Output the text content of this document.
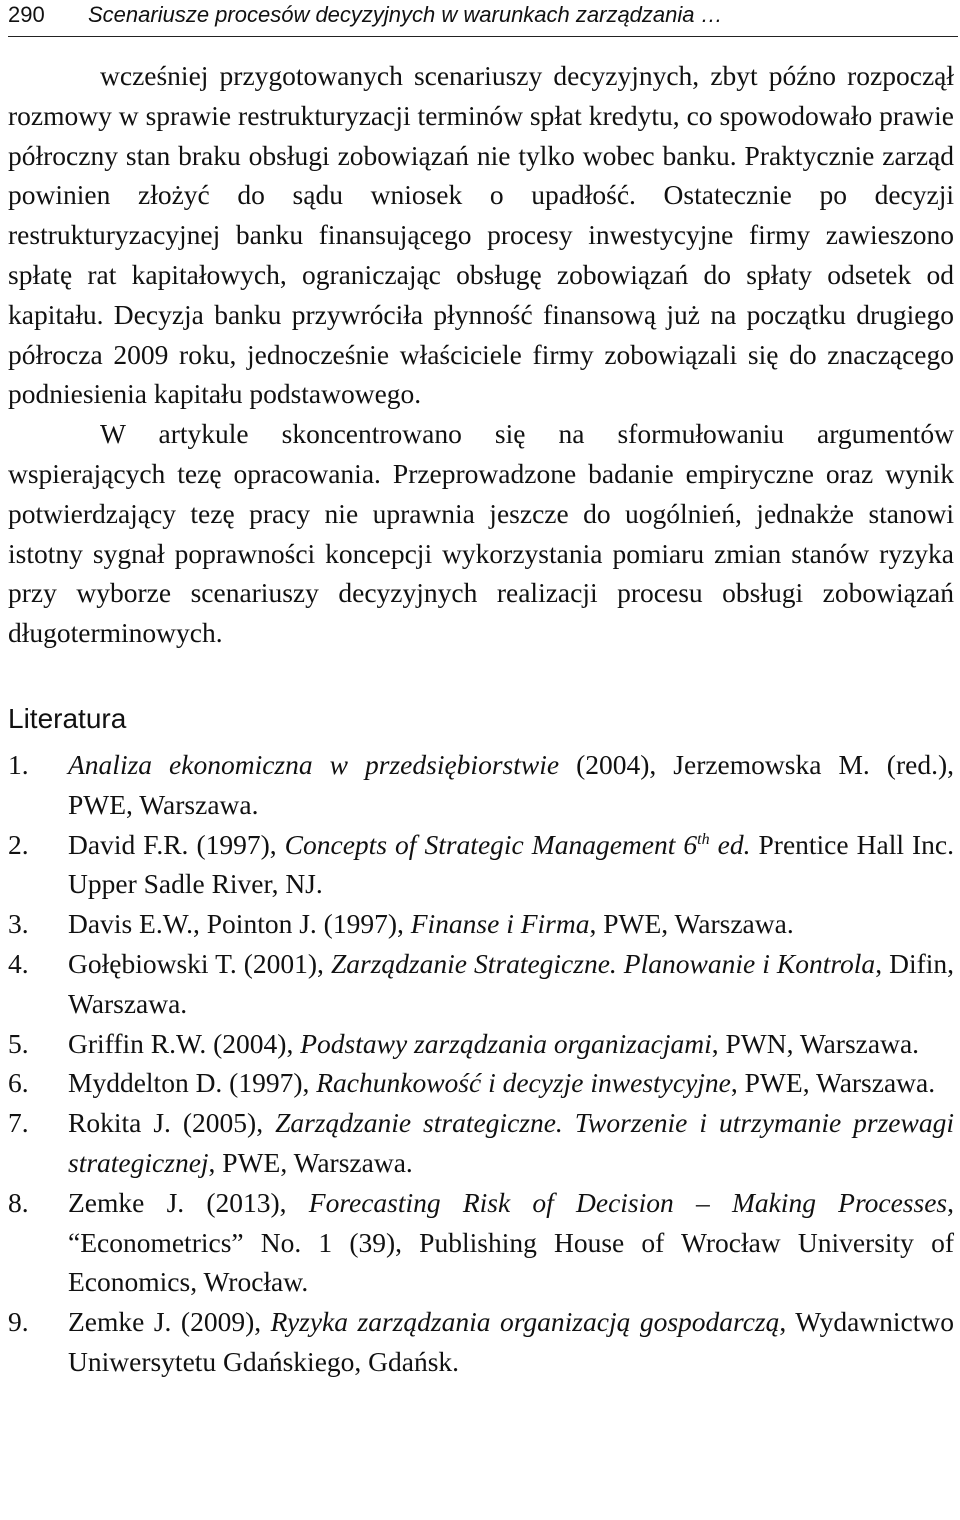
290 Scenariusze procesów decyzyjnych w warunkach zarządzania …

wcześniej przygotowanych scenariuszy decyzyjnych, zbyt późno rozpoczął rozmowy w sprawie restrukturyzacji terminów spłat kredytu, co spowodowało prawie półroczny stan braku obsługi zobowiązań nie tylko wobec banku. Praktycznie zarząd powinien złożyć do sądu wniosek o upadłość. Ostatecznie po decyzji restrukturyzacyjnej banku finansującego procesy inwestycyjne firmy zawieszono spłatę rat kapitałowych, ograniczając obsługę zobowiązań do spłaty odsetek od kapitału. Decyzja banku przywróciła płynność finansową już na początku drugiego półrocza 2009 roku, jednocześnie właściciele firmy zobowiązali się do znaczącego podniesienia kapitału podstawowego.

W artykule skoncentrowano się na sformułowaniu argumentów wspierających tezę opracowania. Przeprowadzone badanie empiryczne oraz wynik potwierdzający tezę pracy nie uprawnia jeszcze do uogólnień, jednakże stanowi istotny sygnał poprawności koncepcji wykorzystania pomiaru zmian stanów ryzyka przy wyborze scenariuszy decyzyjnych realizacji procesu obsługi zobowiązań długoterminowych.

Literatura
1. Analiza ekonomiczna w przedsiębiorstwie (2004), Jerzemowska M. (red.), PWE, Warszawa.
2. David F.R. (1997), Concepts of Strategic Management 6th ed. Prentice Hall Inc. Upper Sadle River, NJ.
3. Davis E.W., Pointon J. (1997), Finanse i Firma, PWE, Warszawa.
4. Gołębiowski T. (2001), Zarządzanie Strategiczne. Planowanie i Kontrola, Difin, Warszawa.
5. Griffin R.W. (2004), Podstawy zarządzania organizacjami, PWN, Warszawa.
6. Myddelton D. (1997), Rachunkowość i decyzje inwestycyjne, PWE, Warszawa.
7. Rokita J. (2005), Zarządzanie strategiczne. Tworzenie i utrzymanie przewagi strategicznej, PWE, Warszawa.
8. Zemke J. (2013), Forecasting Risk of Decision – Making Processes, “Econometrics” No. 1 (39), Publishing House of Wrocław University of Economics, Wrocław.
9. Zemke J. (2009), Ryzyka zarządzania organizacją gospodarczą, Wydawnictwo Uniwersytetu Gdańskiego, Gdańsk.
